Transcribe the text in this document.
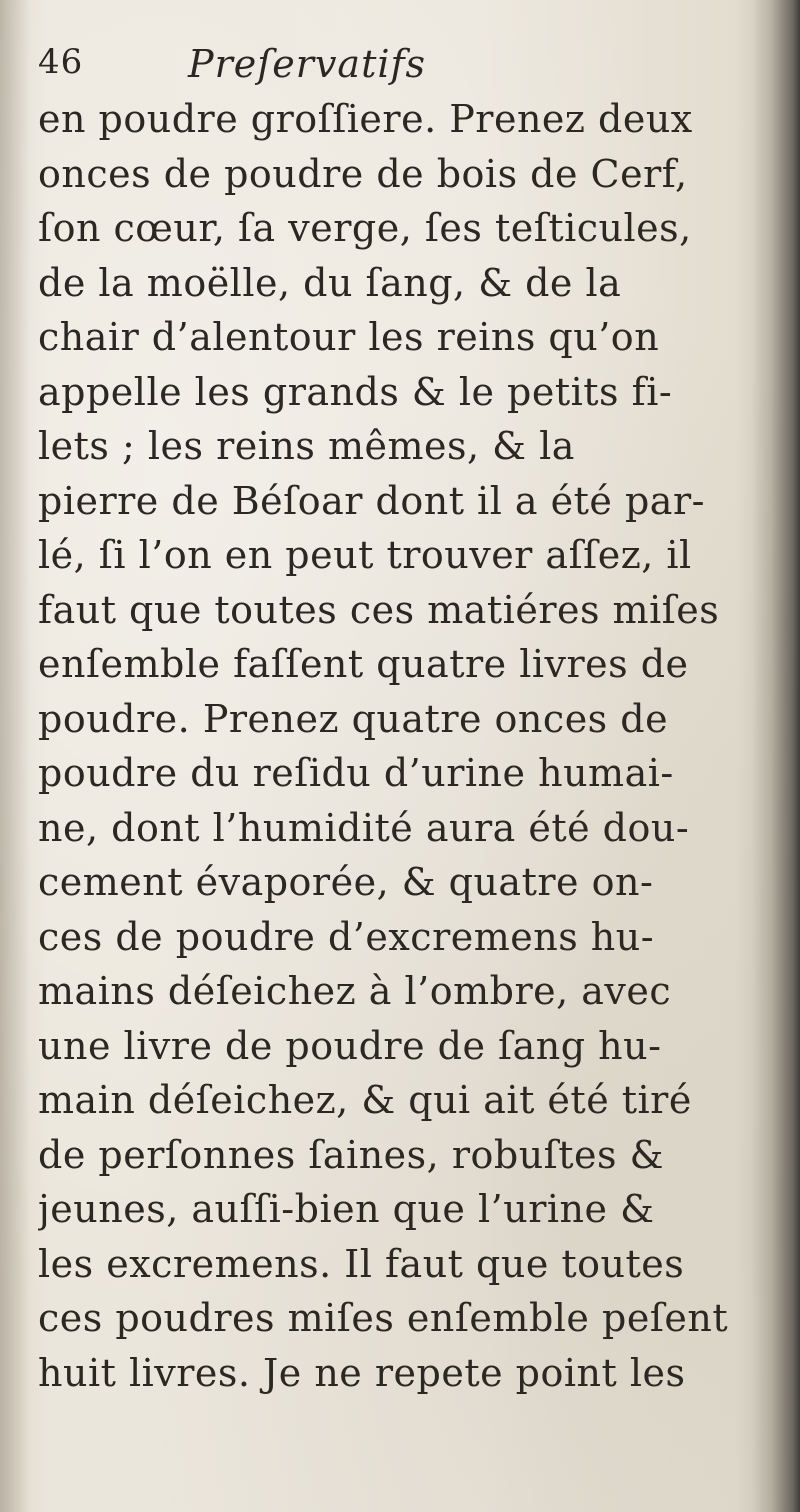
46	Preſervatifs
en poudre groſſiere. Prenez deux
onces de poudre de bois de Cerf,
ſon cœur, ſa verge, ſes teſticules,
de la moëlle, du ſang, & de la
chair d’alentour les reins qu’on
appelle les grands & le petits fi-
lets ; les reins mêmes, & la
pierre de Béſoar dont il a été par-
lé, ſi l’on en peut trouver aſſez, il
faut que toutes ces matiéres miſes
enſemble faſſent quatre livres de
poudre. Prenez quatre onces de
poudre du reſidu d’urine humai-
ne, dont l’humidité aura été dou-
cement évaporée, & quatre on-
ces de poudre d’excremens hu-
mains déſeichez à l’ombre, avec
une livre de poudre de ſang hu-
main déſeichez, & qui ait été tiré
de perſonnes ſaines, robuſtes &
jeunes, auſſi-bien que l’urine &
les excremens. Il faut que toutes
ces poudres miſes enſemble peſent
huit livres. Je ne repete point les
